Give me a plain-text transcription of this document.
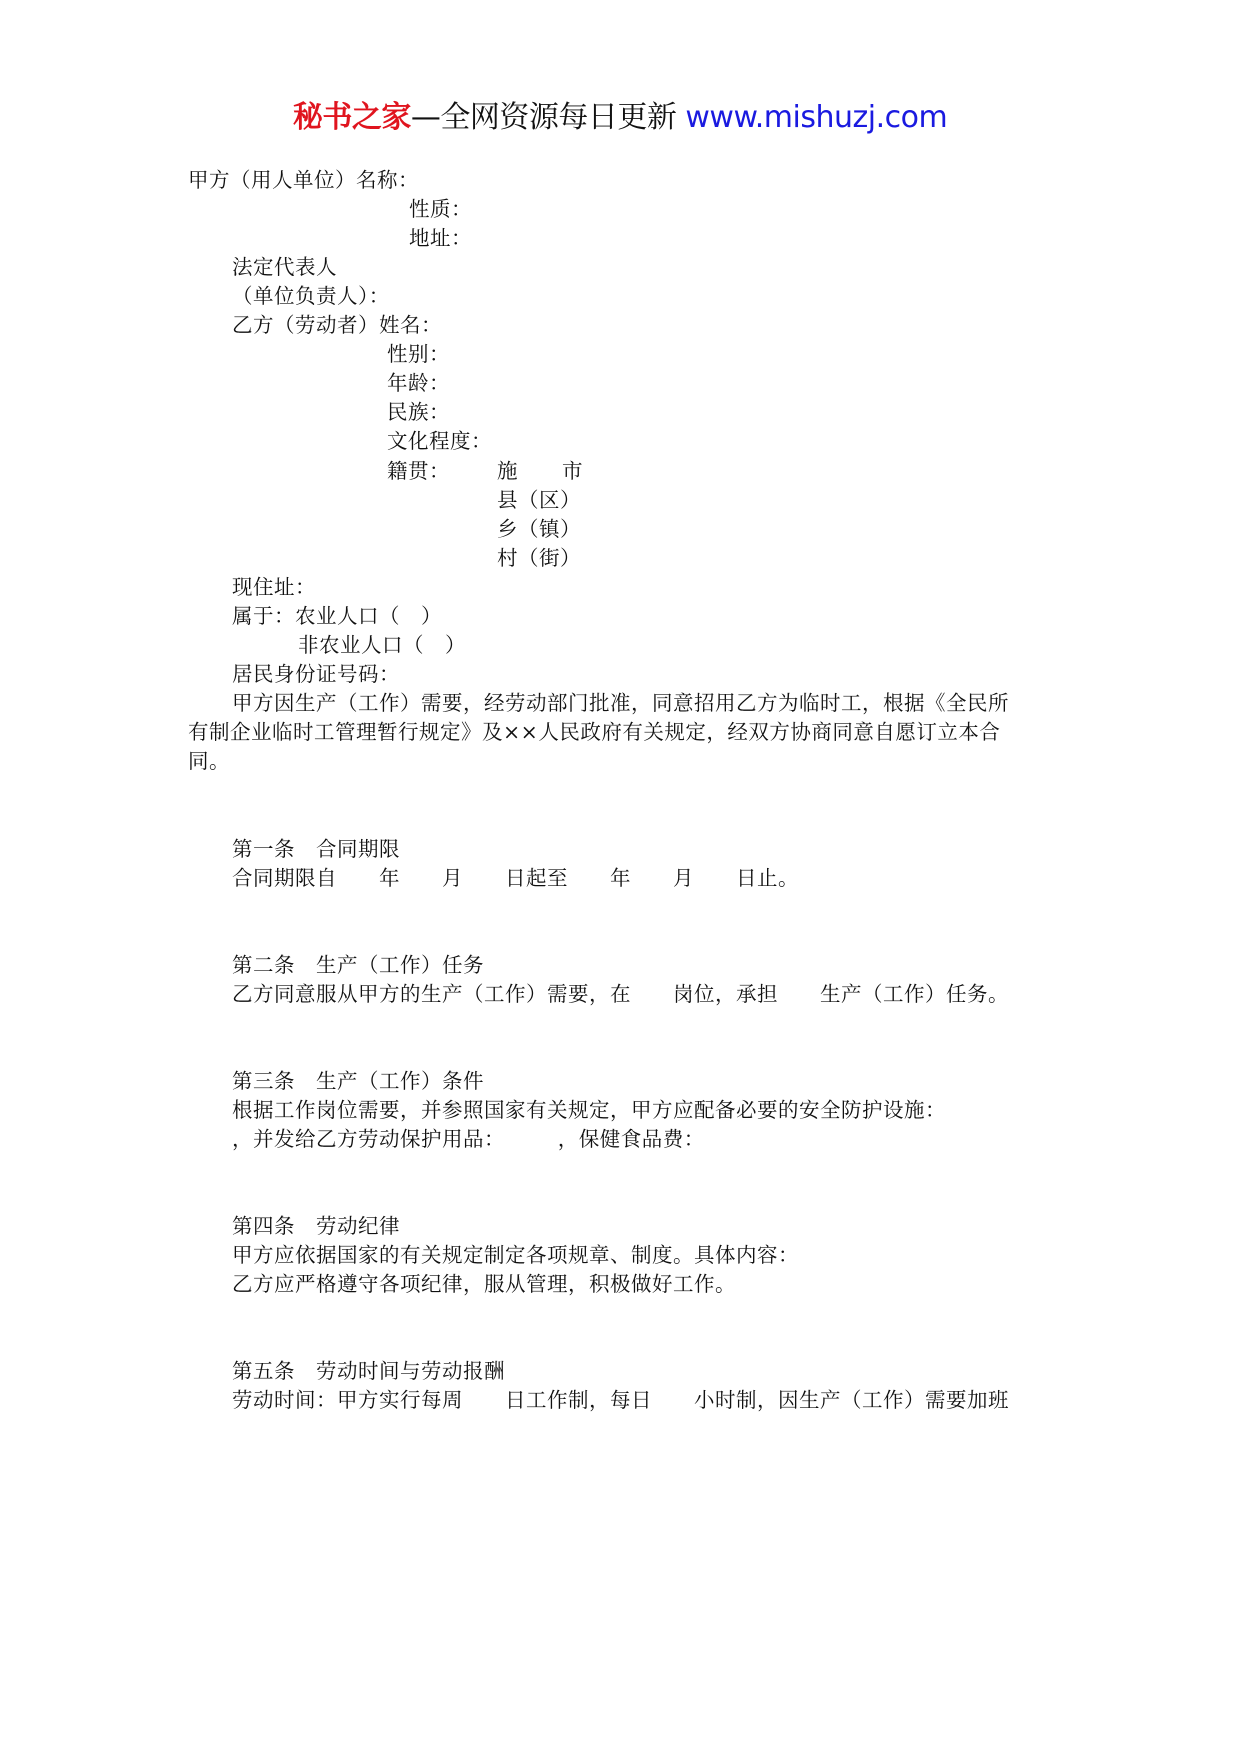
秘书之家—全网资源每日更新 www.mishuzj.com
甲方（用人单位）名称：
性质：
地址：
法定代表人
（单位负责人）：
乙方（劳动者）姓名：
性别：
年龄：
民族：
文化程度：
籍贯： 施 市
县（区）
乡（镇）
村（街）
现住址：
属于：农业人口（　）
非农业人口（　）
居民身份证号码：
甲方因生产（工作）需要，经劳动部门批准，同意招用乙方为临时工，根据《全民所
有制企业临时工管理暂行规定》及××人民政府有关规定，经双方协商同意自愿订立本合
同。
第一条　合同期限
合同期限自　　年　　月　　日起至　　年　　月　　日止。
第二条　生产（工作）任务
乙方同意服从甲方的生产（工作）需要，在　　岗位，承担　　生产（工作）任务。
第三条　生产（工作）条件
根据工作岗位需要，并参照国家有关规定，甲方应配备必要的安全防护设施：
，并发给乙方劳动保护用品：　　　，保健食品费：
第四条　劳动纪律
甲方应依据国家的有关规定制定各项规章、制度。具体内容：
乙方应严格遵守各项纪律，服从管理，积极做好工作。
第五条　劳动时间与劳动报酬
劳动时间：甲方实行每周　　日工作制，每日　　小时制，因生产（工作）需要加班
